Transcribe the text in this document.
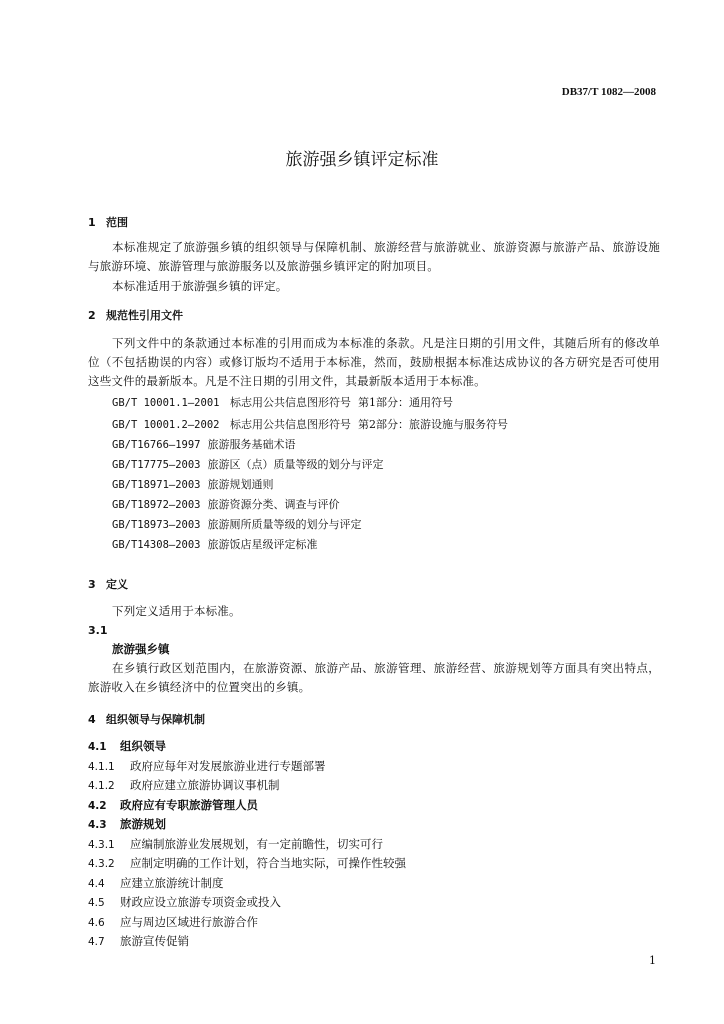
DB37/T 1082—2008
旅游强乡镇评定标准
1 范围
本标准规定了旅游强乡镇的组织领导与保障机制、旅游经营与旅游就业、旅游资源与旅游产品、旅游设施与旅游环境、旅游管理与旅游服务以及旅游强乡镇评定的附加项目。
本标准适用于旅游强乡镇的评定。
2 规范性引用文件
下列文件中的条款通过本标准的引用而成为本标准的条款。凡是注日期的引用文件，其随后所有的修改单位（不包括勘误的内容）或修订版均不适用于本标准，然而，鼓励根据本标准达成协议的各方研究是否可使用这些文件的最新版本。凡是不注日期的引用文件，其最新版本适用于本标准。
GB/T 10001.1—2001 标志用公共信息图形符号  第1部分：通用符号
GB/T 10001.2—2002 标志用公共信息图形符号  第2部分：旅游设施与服务符号
GB/T16766—1997 旅游服务基础术语
GB/T17775—2003 旅游区（点）质量等级的划分与评定
GB/T18971—2003 旅游规划通则
GB/T18972—2003 旅游资源分类、调查与评价
GB/T18973—2003 旅游厕所质量等级的划分与评定
GB/T14308—2003 旅游饭店星级评定标准
3 定义
下列定义适用于本标准。
3.1
旅游强乡镇
在乡镇行政区划范围内，在旅游资源、旅游产品、旅游管理、旅游经营、旅游规划等方面具有突出特点，旅游收入在乡镇经济中的位置突出的乡镇。
4 组织领导与保障机制
4.1 组织领导
4.1.1 政府应每年对发展旅游业进行专题部署
4.1.2 政府应建立旅游协调议事机制
4.2 政府应有专职旅游管理人员
4.3 旅游规划
4.3.1 应编制旅游业发展规划，有一定前瞻性，切实可行
4.3.2 应制定明确的工作计划，符合当地实际，可操作性较强
4.4 应建立旅游统计制度
4.5 财政应设立旅游专项资金或投入
4.6 应与周边区域进行旅游合作
4.7 旅游宣传促销
1
